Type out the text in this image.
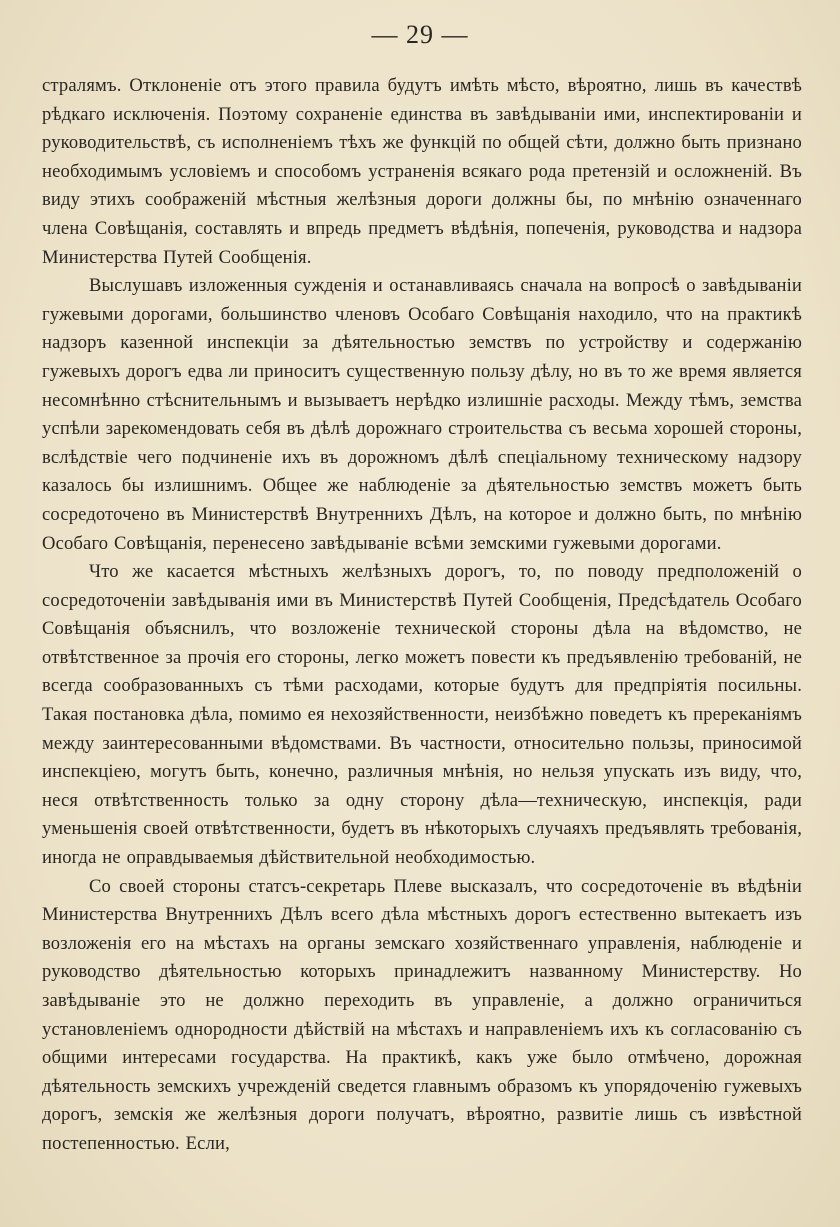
— 29 —

стралямъ. Отклоненіе отъ этого правила будутъ имѣть мѣсто, вѣроятно, лишь въ качествѣ рѣдкаго исключенія. Поэтому сохраненіе единства въ завѣдываніи ими, инспектированіи и руководительствѣ, съ исполненіемъ тѣхъ же функцій по общей сѣти, должно быть признано необходимымъ условіемъ и способомъ устраненія всякаго рода претензій и осложненій. Въ виду этихъ соображеній мѣстныя желѣзныя дороги должны бы, по мнѣнію означеннаго члена Совѣщанія, составлять и впредь предметъ вѣдѣнія, попеченія, руководства и надзора Министерства Путей Сообщенія.

Выслушавъ изложенныя сужденія и останавливаясь сначала на вопросѣ о завѣдываніи гужевыми дорогами, большинство членовъ Особаго Совѣщанія находило, что на практикѣ надзоръ казенной инспекціи за дѣятельностью земствъ по устройству и содержанію гужевыхъ дорогъ едва ли приноситъ существенную пользу дѣлу, но въ то же время является несомнѣнно стѣснительнымъ и вызываетъ нерѣдко излишніе расходы. Между тѣмъ, земства успѣли зарекомендовать себя въ дѣлѣ дорожнаго строительства съ весьма хорошей стороны, вслѣдствіе чего подчиненіе ихъ въ дорожномъ дѣлѣ спеціальному техническому надзору казалось бы излишнимъ. Общее же наблюденіе за дѣятельностью земствъ можетъ быть сосредоточено въ Министерствѣ Внутреннихъ Дѣлъ, на которое и должно быть, по мнѣнію Особаго Совѣщанія, перенесено завѣдываніе всѣми земскими гужевыми дорогами.

Что же касается мѣстныхъ желѣзныхъ дорогъ, то, по поводу предположеній о сосредоточеніи завѣдыванія ими въ Министерствѣ Путей Сообщенія, Предсѣдатель Особаго Совѣщанія объяснилъ, что возложеніе технической стороны дѣла на вѣдомство, не отвѣтственное за прочія его стороны, легко можетъ повести къ предъявленію требованій, не всегда сообразованныхъ съ тѣми расходами, которые будутъ для предпріятія посильны. Такая постановка дѣла, помимо ея нехозяйственности, неизбѣжно поведетъ къ пререканіямъ между заинтересованными вѣдомствами. Въ частности, относительно пользы, приносимой инспекціею, могутъ быть, конечно, различныя мнѣнія, но нельзя упускать изъ виду, что, неся отвѣтственность только за одну сторону дѣла—техническую, инспекція, ради уменьшенія своей отвѣтственности, будетъ въ нѣкоторыхъ случаяхъ предъявлять требованія, иногда не оправдываемыя дѣйствительной необходимостью.

Со своей стороны статсъ-секретарь Плеве высказалъ, что сосредоточеніе въ вѣдѣніи Министерства Внутреннихъ Дѣлъ всего дѣла мѣстныхъ дорогъ естественно вытекаетъ изъ возложенія его на мѣстахъ на органы земскаго хозяйственнаго управленія, наблюденіе и руководство дѣятельностью которыхъ принадлежитъ названному Министерству. Но завѣдываніе это не должно переходить въ управленіе, а должно ограничиться установленіемъ однородности дѣйствій на мѣстахъ и направленіемъ ихъ къ согласованію съ общими интересами государства. На практикѣ, какъ уже было отмѣчено, дорожная дѣятельность земскихъ учрежденій сведется главнымъ образомъ къ упорядоченію гужевыхъ дорогъ, земскія же желѣзныя дороги получатъ, вѣроятно, развитіе лишь съ извѣстной постепенностью. Если,
